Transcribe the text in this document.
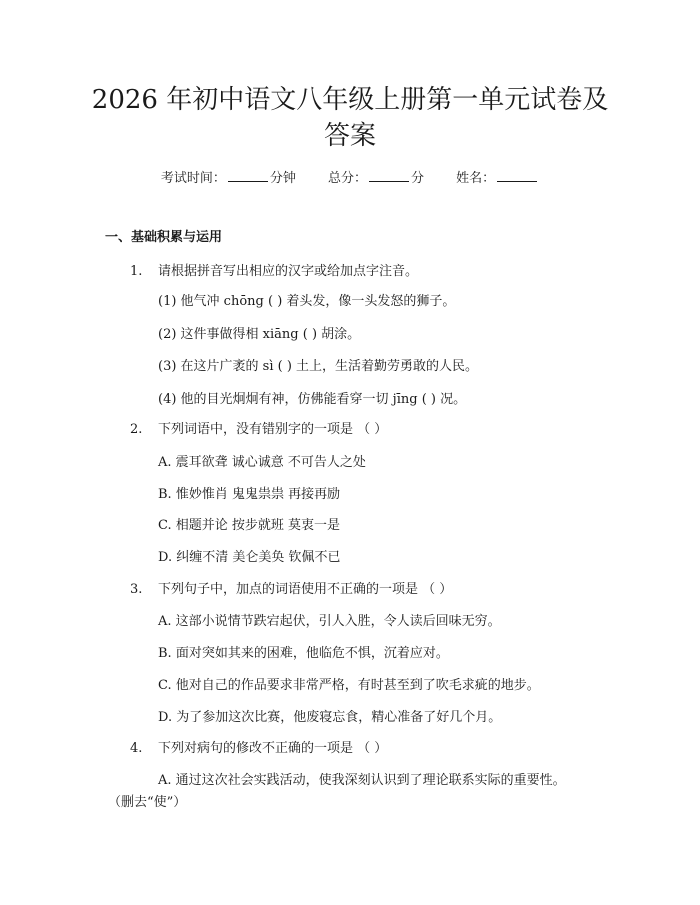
2026 年初中语文八年级上册第一单元试卷及答案
考试时间：	分钟 总分：	分 姓名：
一、基础积累与运用
1. 请根据拼音写出相应的汉字或给加点字注音。
(1) 他气冲 chōng ( ) 着头发，像一头发怒的狮子。
(2) 这件事做得相 xiāng ( ) 胡涂。
(3) 在这片广袤的 sì ( ) 土上，生活着勤劳勇敢的人民。
(4) 他的目光炯炯有神，仿佛能看穿一切 jīng ( ) 况。
2. 下列词语中，没有错别字的一项是 （ ）
A. 震耳欲聋 诚心诚意 不可告人之处
B. 惟妙惟肖 鬼鬼祟祟 再接再励
C. 相题并论 按步就班 莫衷一是
D. 纠缠不清 美仑美奂 钦佩不已
3. 下列句子中，加点的词语使用不正确的一项是 （ ）
A. 这部小说情节跌宕起伏，引人入胜，令人读后回味无穷。
B. 面对突如其来的困难，他临危不惧，沉着应对。
C. 他对自己的作品要求非常严格，有时甚至到了吹毛求疵的地步。
D. 为了参加这次比赛，他废寝忘食，精心准备了好几个月。
4. 下列对病句的修改不正确的一项是 （ ）
A. 通过这次社会实践活动，使我深刻认识到了理论联系实际的重要性。
（删去“使”）
